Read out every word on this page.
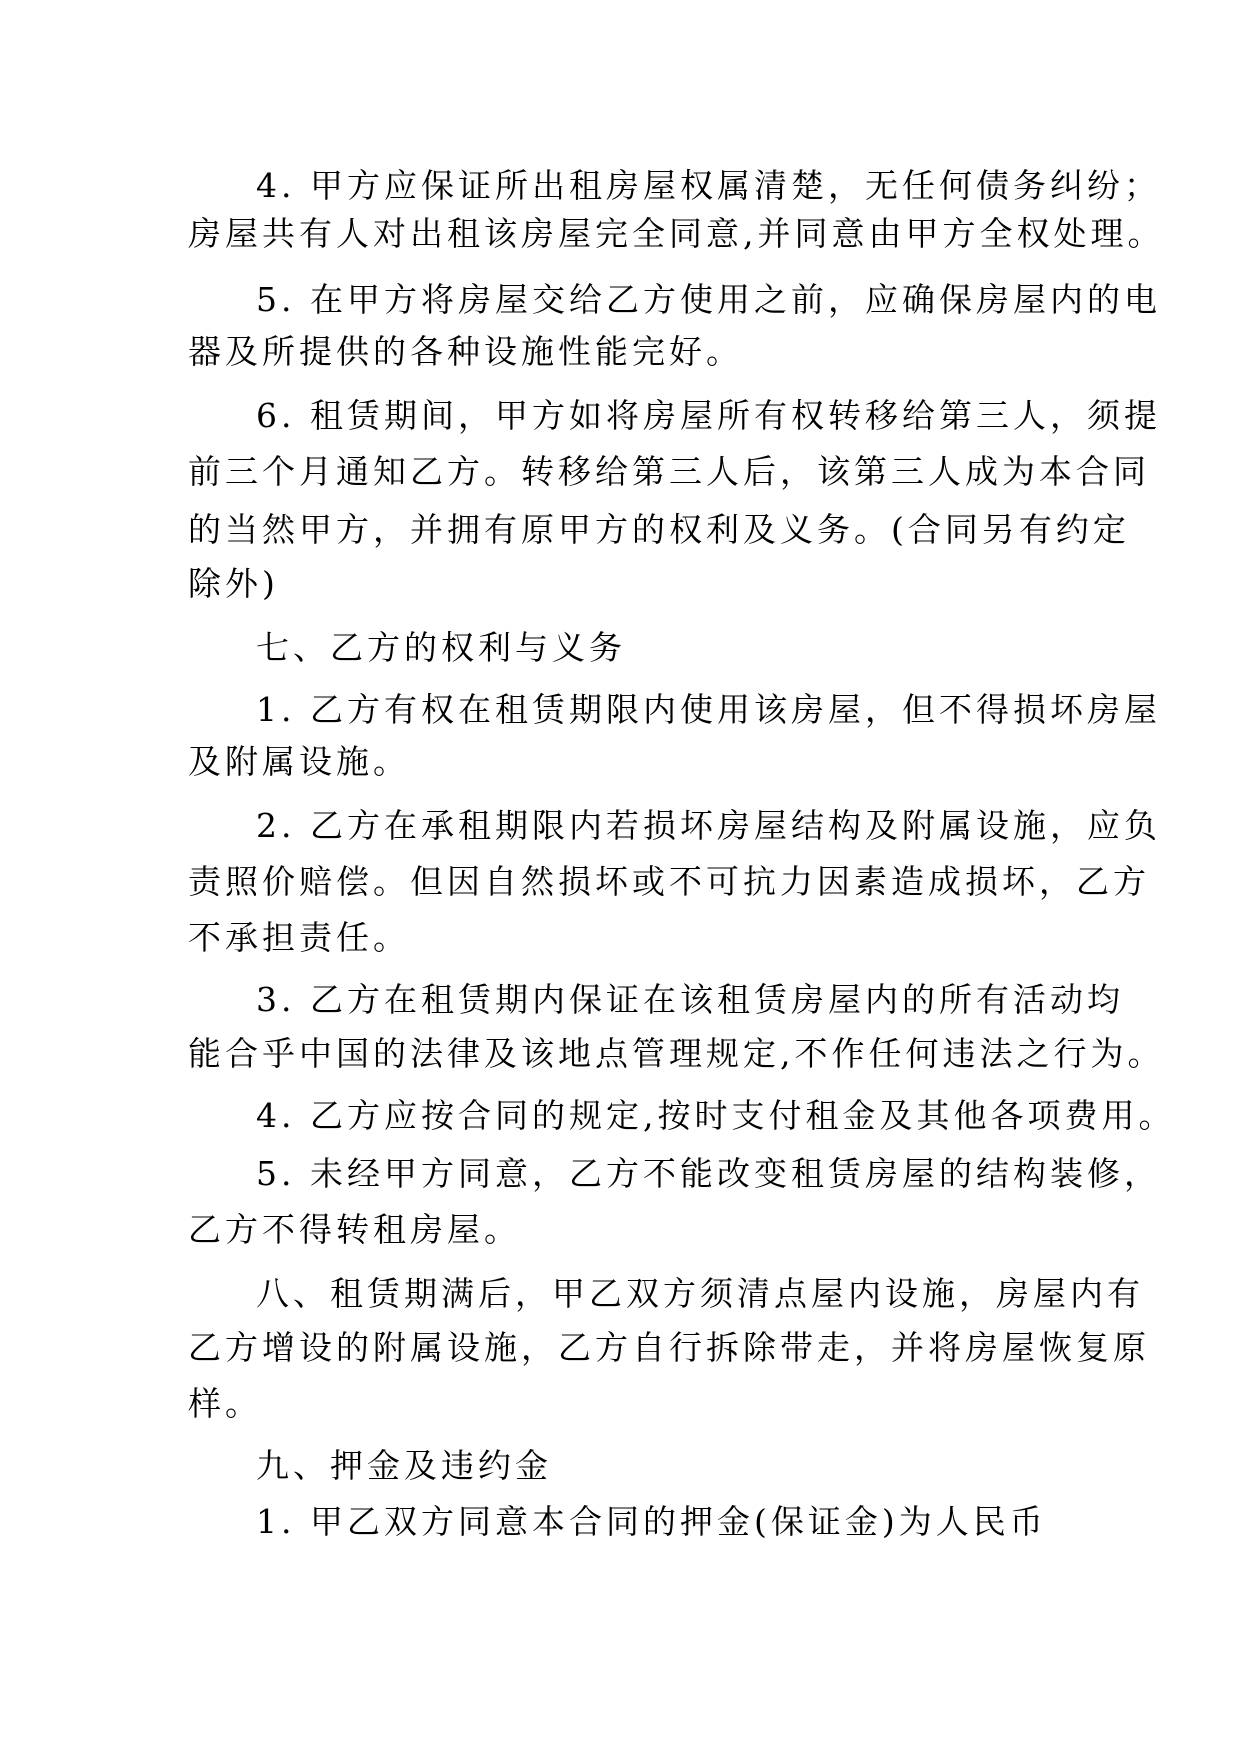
4. 甲方应保证所出租房屋权属清楚，无任何债务纠纷；
房屋共有人对出租该房屋完全同意,并同意由甲方全权处理。
5. 在甲方将房屋交给乙方使用之前，应确保房屋内的电
器及所提供的各种设施性能完好。
6. 租赁期间，甲方如将房屋所有权转移给第三人，须提
前三个月通知乙方。转移给第三人后，该第三人成为本合同
的当然甲方，并拥有原甲方的权利及义务。(合同另有约定
除外)
七、乙方的权利与义务
1. 乙方有权在租赁期限内使用该房屋，但不得损坏房屋
及附属设施。
2. 乙方在承租期限内若损坏房屋结构及附属设施，应负
责照价赔偿。但因自然损坏或不可抗力因素造成损坏，乙方
不承担责任。
3. 乙方在租赁期内保证在该租赁房屋内的所有活动均
能合乎中国的法律及该地点管理规定,不作任何违法之行为。
4. 乙方应按合同的规定,按时支付租金及其他各项费用。
5. 未经甲方同意，乙方不能改变租赁房屋的结构装修，
乙方不得转租房屋。
八、租赁期满后，甲乙双方须清点屋内设施，房屋内有
乙方增设的附属设施，乙方自行拆除带走，并将房屋恢复原
样。
九、押金及违约金
1. 甲乙双方同意本合同的押金(保证金)为人民币
